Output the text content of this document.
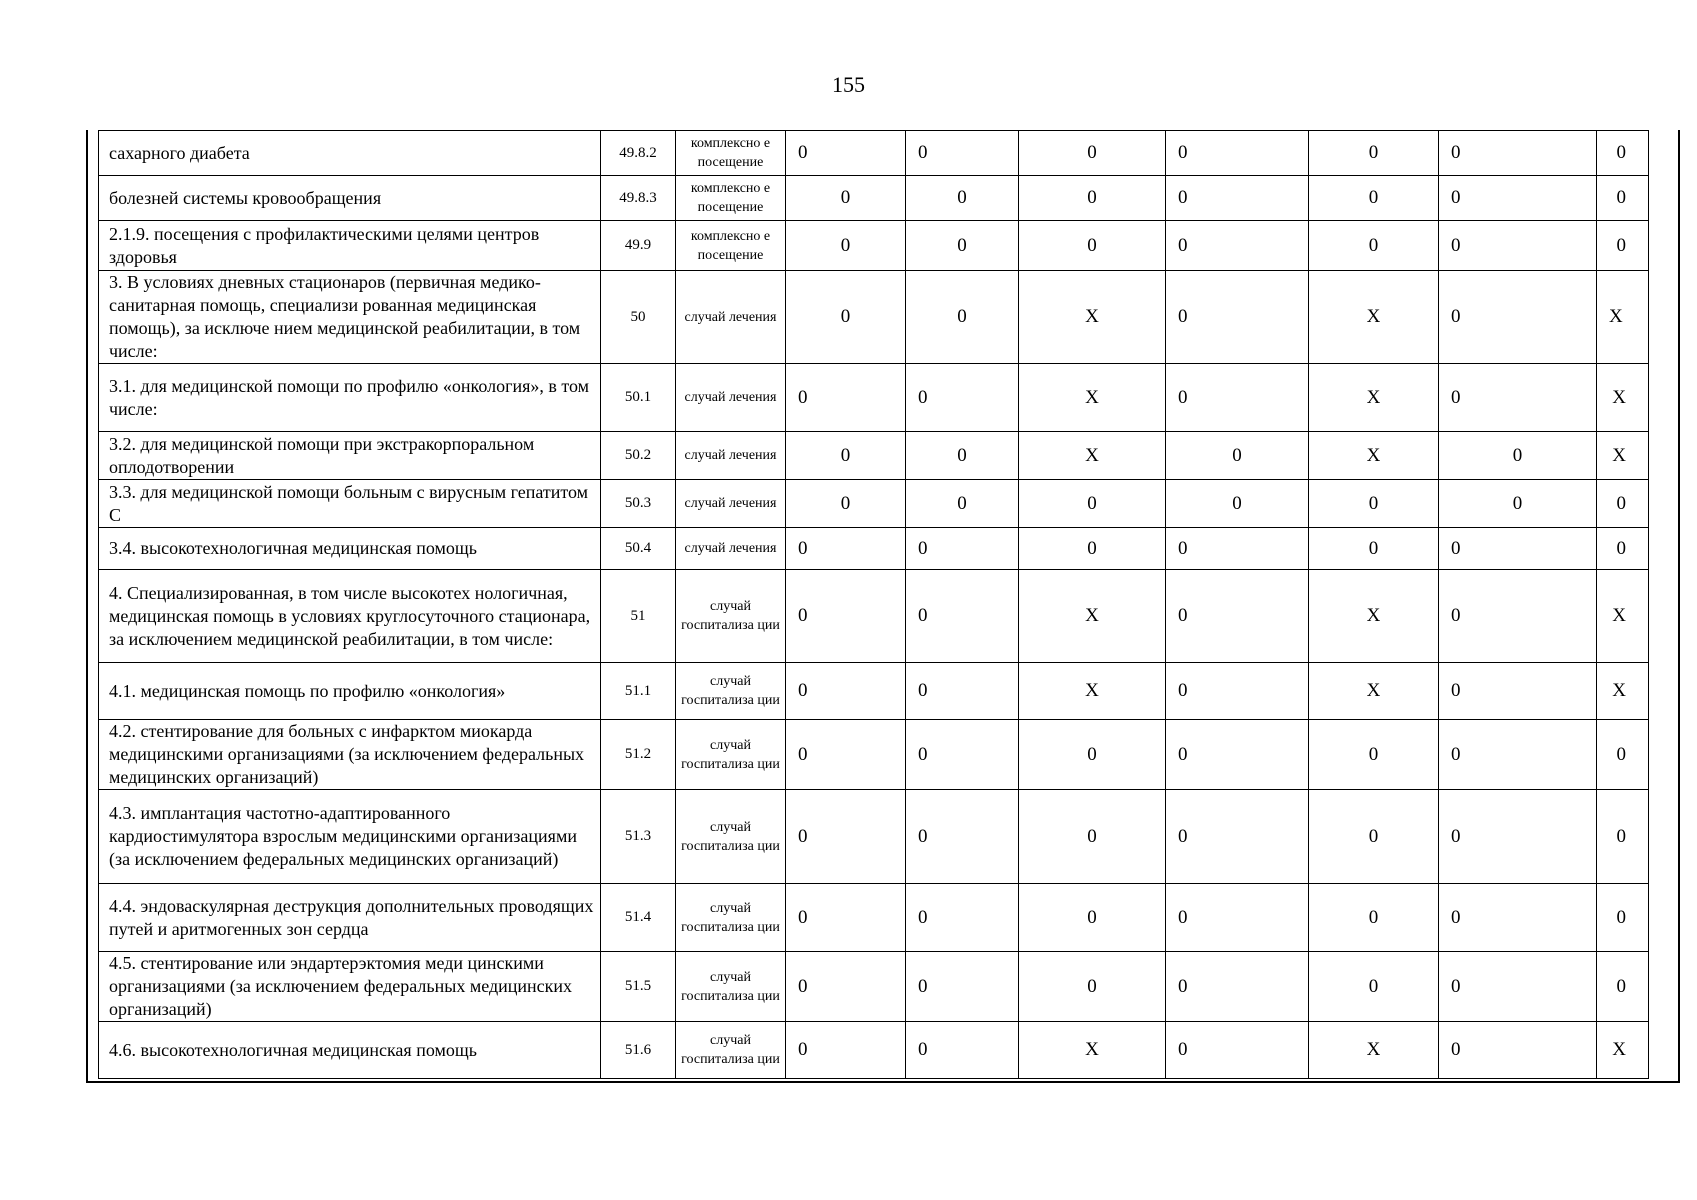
155
сахарного диабета	49.8.2	комплексно е посещение	0	0	0	0	0	0	0	
болезней системы кровообращения	49.8.3	комплексно е посещение	0	0	0	0	0	0	0	
2.1.9. посещения с профилактическими целями центров здоровья	49.9	комплексно е посещение	0	0	0	0	0	0	0	
3. В условиях дневных стационаров (первичная медико-санитарная помощь, специализи рованная медицинская помощь), за исключе нием медицинской реабилитации, в том числе:	50	случай лечения	0	0	X	0	X	0	X	
3.1. для медицинской помощи по профилю «онкология», в том числе:	50.1	случай лечения	0	0	X	0	X	0	X	
3.2. для медицинской помощи при экстракорпоральном оплодотворении	50.2	случай лечения	0	0	X	0	X	0	X	
3.3. для медицинской помощи больным с вирусным гепатитом С	50.3	случай лечения	0	0	0	0	0	0	0	
3.4. высокотехнологичная медицинская помощь	50.4	случай лечения	0	0	0	0	0	0	0	
4. Специализированная, в том числе высокотех нологичная, медицинская помощь в условиях круглосуточного стационара, за исключением медицинской реабилитации, в том числе:	51	случай госпитализа ции	0	0	X	0	X	0	X	
4.1. медицинская помощь по профилю «онкология»	51.1	случай госпитализа ции	0	0	X	0	X	0	X	
4.2. стентирование для больных с инфарктом миокарда медицинскими организациями (за исключением федеральных медицинских организаций)	51.2	случай госпитализа ции	0	0	0	0	0	0	0	
4.3. имплантация частотно-адаптированного кардиостимулятора взрослым медицинскими организациями (за исключением федеральных медицинских организаций)	51.3	случай госпитализа ции	0	0	0	0	0	0	0	
4.4. эндоваскулярная деструкция дополнительных проводящих путей и аритмогенных зон сердца	51.4	случай госпитализа ции	0	0	0	0	0	0	0	
4.5. стентирование или эндартерэктомия меди цинскими организациями (за исключением федеральных медицинских организаций)	51.5	случай госпитализа ции	0	0	0	0	0	0	0	
4.6. высокотехнологичная медицинская помощь	51.6	случай госпитализа ции	0	0	X	0	X	0	X	
